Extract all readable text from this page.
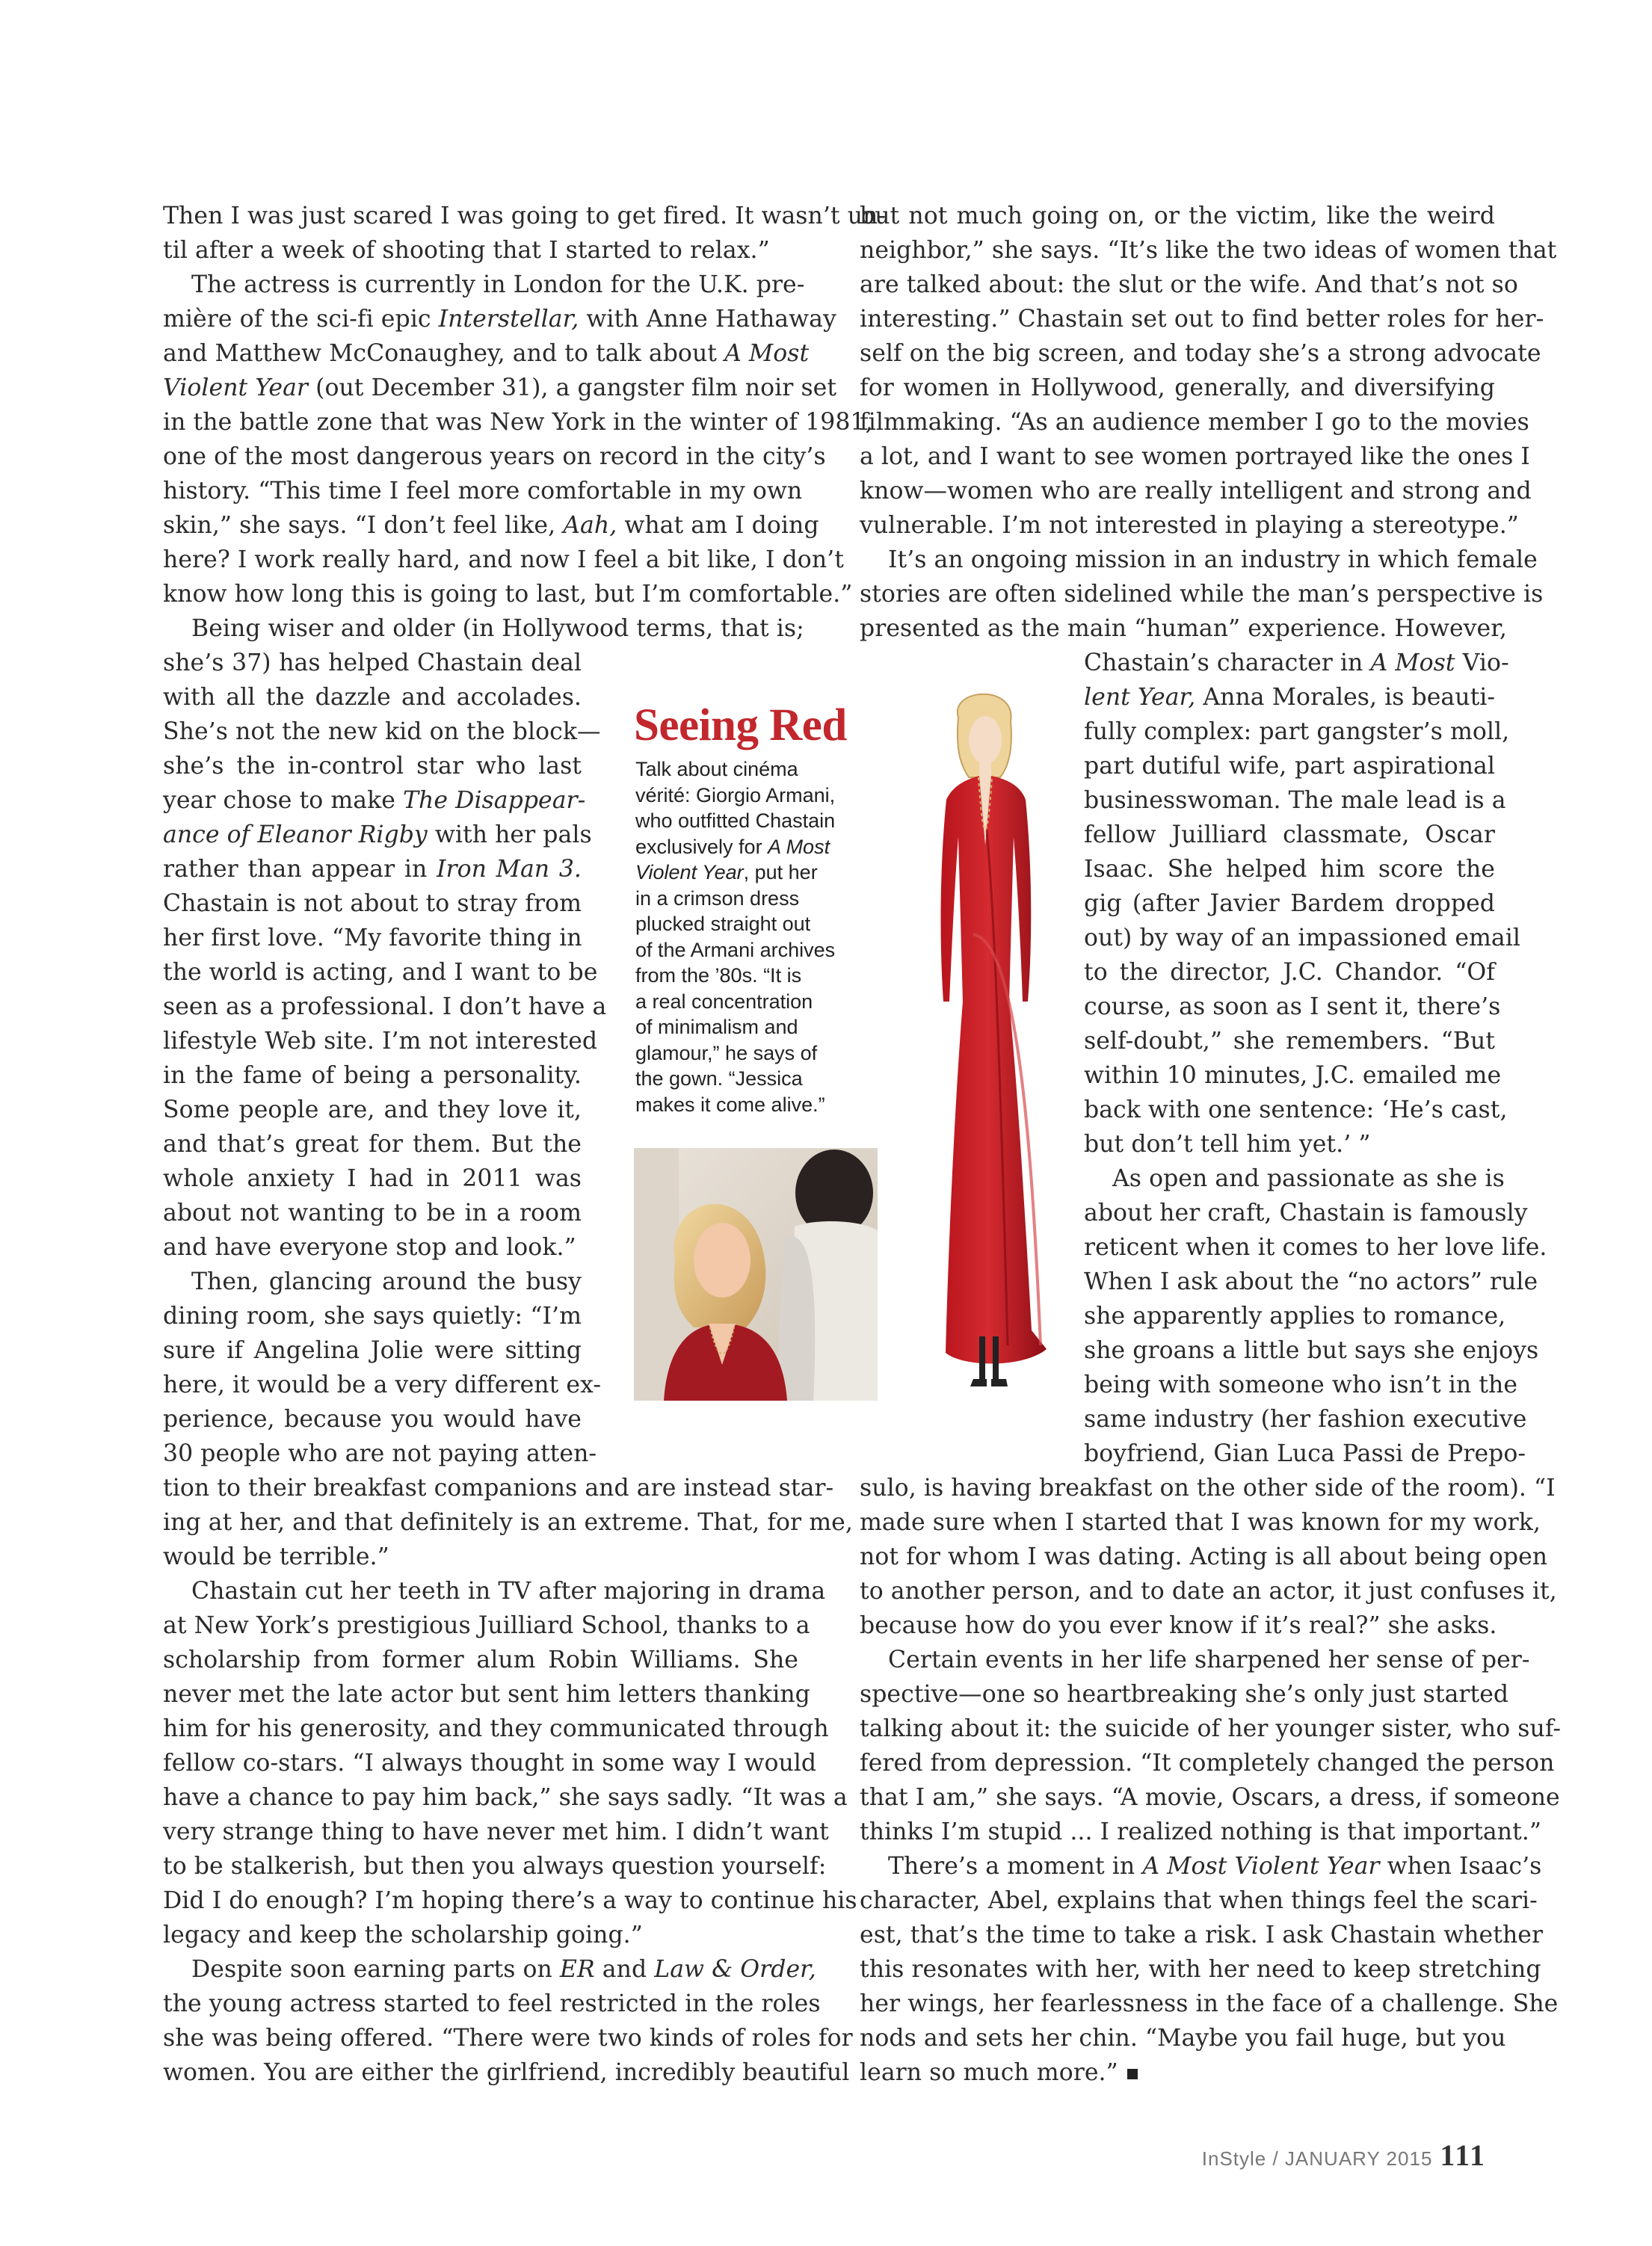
Then I was just scared I was going to get fired. It wasn’t un-
til after a week of shooting that I started to relax.”
The actress is currently in London for the U.K. pre-
mière of the sci-fi epic Interstellar, with Anne Hathaway
and Matthew McConaughey, and to talk about A Most
Violent Year (out December 31), a gangster film noir set
in the battle zone that was New York in the winter of 1981,
one of the most dangerous years on record in the city’s
history. “This time I feel more comfortable in my own
skin,” she says. “I don’t feel like, Aah, what am I doing
here? I work really hard, and now I feel a bit like, I don’t
know how long this is going to last, but I’m comfortable.”
Being wiser and older (in Hollywood terms, that is;
she’s 37) has helped Chastain deal
with all the dazzle and accolades.
She’s not the new kid on the block—
she’s the in-control star who last
year chose to make The Disappear-
ance of Eleanor Rigby with her pals
rather than appear in Iron Man 3.
Chastain is not about to stray from
her first love. “My favorite thing in
the world is acting, and I want to be
seen as a professional. I don’t have a
lifestyle Web site. I’m not interested
in the fame of being a personality.
Some people are, and they love it,
and that’s great for them. But the
whole anxiety I had in 2011 was
about not wanting to be in a room
and have everyone stop and look.”
Then, glancing around the busy
dining room, she says quietly: “I’m
sure if Angelina Jolie were sitting
here, it would be a very different ex-
perience, because you would have
30 people who are not paying atten-
tion to their breakfast companions and are instead star-
ing at her, and that definitely is an extreme. That, for me,
would be terrible.”
Chastain cut her teeth in TV after majoring in drama
at New York’s prestigious Juilliard School, thanks to a
scholarship from former alum Robin Williams. She
never met the late actor but sent him letters thanking
him for his generosity, and they communicated through
fellow co-stars. “I always thought in some way I would
have a chance to pay him back,” she says sadly. “It was a
very strange thing to have never met him. I didn’t want
to be stalkerish, but then you always question yourself:
Did I do enough? I’m hoping there’s a way to continue his
legacy and keep the scholarship going.”
Despite soon earning parts on ER and Law & Order,
the young actress started to feel restricted in the roles
she was being offered. “There were two kinds of roles for
women. You are either the girlfriend, incredibly beautiful
but not much going on, or the victim, like the weird
neighbor,” she says. “It’s like the two ideas of women that
are talked about: the slut or the wife. And that’s not so
interesting.” Chastain set out to find better roles for her-
self on the big screen, and today she’s a strong advocate
for women in Hollywood, generally, and diversifying
filmmaking. “As an audience member I go to the movies
a lot, and I want to see women portrayed like the ones I
know—women who are really intelligent and strong and
vulnerable. I’m not interested in playing a stereotype.”
It’s an ongoing mission in an industry in which female
stories are often sidelined while the man’s perspective is
presented as the main “human” experience. However,
Chastain’s character in A Most Vio-
lent Year, Anna Morales, is beauti-
fully complex: part gangster’s moll,
part dutiful wife, part aspirational
businesswoman. The male lead is a
fellow Juilliard classmate, Oscar
Isaac. She helped him score the
gig (after Javier Bardem dropped
out) by way of an impassioned email
to the director, J.C. Chandor. “Of
course, as soon as I sent it, there’s
self-doubt,” she remembers. “But
within 10 minutes, J.C. emailed me
back with one sentence: ‘He’s cast,
but don’t tell him yet.’ ”
As open and passionate as she is
about her craft, Chastain is famously
reticent when it comes to her love life.
When I ask about the “no actors” rule
she apparently applies to romance,
she groans a little but says she enjoys
being with someone who isn’t in the
same industry (her fashion executive
boyfriend, Gian Luca Passi de Prepo-
sulo, is having breakfast on the other side of the room). “I
made sure when I started that I was known for my work,
not for whom I was dating. Acting is all about being open
to another person, and to date an actor, it just confuses it,
because how do you ever know if it’s real?” she asks.
Certain events in her life sharpened her sense of per-
spective—one so heartbreaking she’s only just started
talking about it: the suicide of her younger sister, who suf-
fered from depression. “It completely changed the person
that I am,” she says. “A movie, Oscars, a dress, if someone
thinks I’m stupid ... I realized nothing is that important.”
There’s a moment in A Most Violent Year when Isaac’s
character, Abel, explains that when things feel the scari-
est, that’s the time to take a risk. I ask Chastain whether
this resonates with her, with her need to keep stretching
her wings, her fearlessness in the face of a challenge. She
nods and sets her chin. “Maybe you fail huge, but you
learn so much more.”
Seeing Red
Talk about cinéma
vérité: Giorgio Armani,
who outfitted Chastain
exclusively for A Most
Violent Year, put her
in a crimson dress
plucked straight out
of the Armani archives
from the ’80s. “It is
a real concentration
of minimalism and
glamour,” he says of
the gown. “Jessica
makes it come alive.”
InStyle / JANUARY 2015 111
